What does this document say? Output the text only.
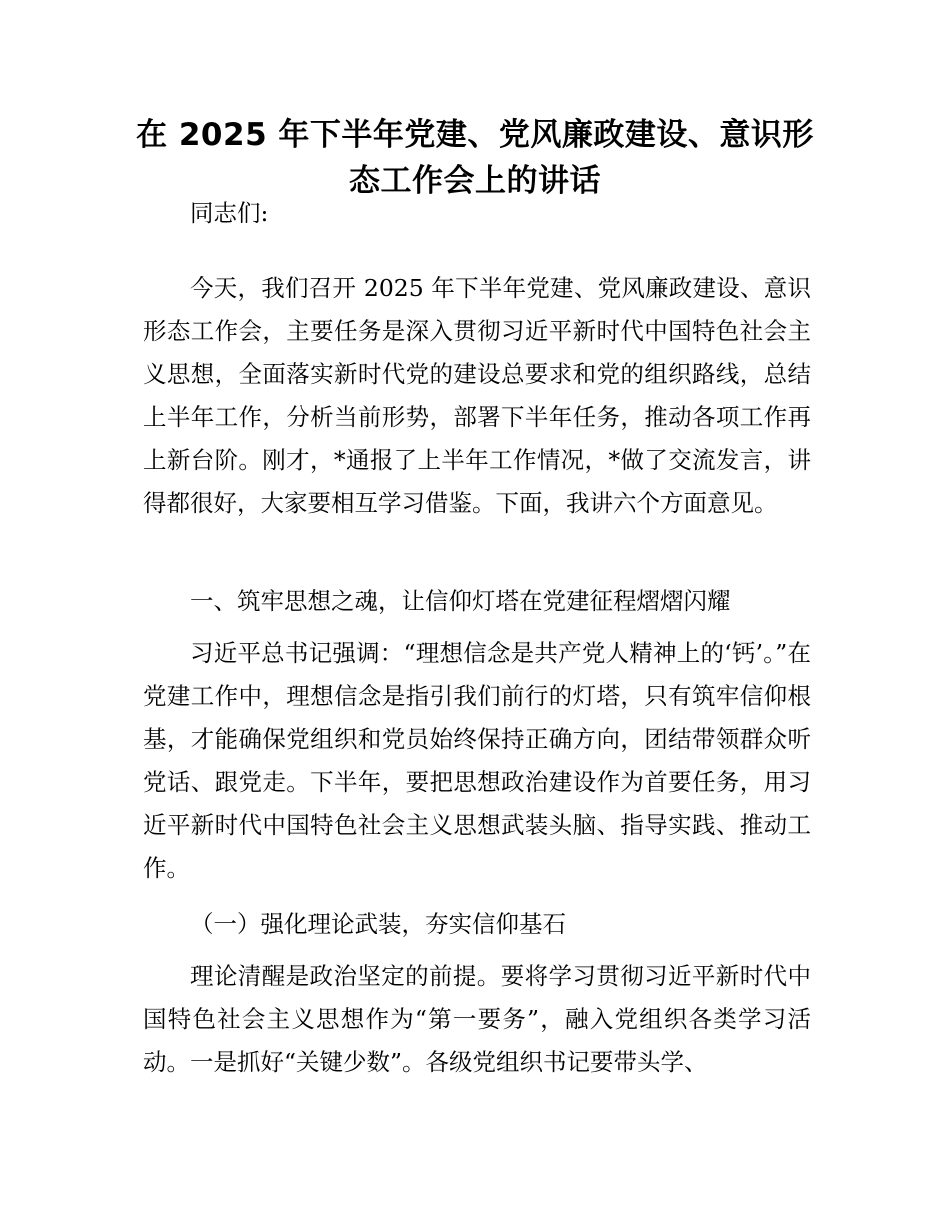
在 2025 年下半年党建、党风廉政建设、意识形
态工作会上的讲话

同志们:

今天，我们召开 2025 年下半年党建、党风廉政建设、意识形态工作会，主要任务是深入贯彻习近平新时代中国特色社会主义思想，全面落实新时代党的建设总要求和党的组织路线，总结上半年工作，分析当前形势，部署下半年任务，推动各项工作再上新台阶。刚才，*通报了上半年工作情况，*做了交流发言，讲得都很好，大家要相互学习借鉴。下面，我讲六个方面意见。

一、筑牢思想之魂，让信仰灯塔在党建征程熠熠闪耀

习近平总书记强调：“理想信念是共产党人精神上的‘钙’。”在党建工作中，理想信念是指引我们前行的灯塔，只有筑牢信仰根基，才能确保党组织和党员始终保持正确方向，团结带领群众听党话、跟党走。下半年，要把思想政治建设作为首要任务，用习近平新时代中国特色社会主义思想武装头脑、指导实践、推动工作。

（一）强化理论武装，夯实信仰基石

理论清醒是政治坚定的前提。要将学习贯彻习近平新时代中国特色社会主义思想作为“第一要务”，融入党组织各类学习活动。一是抓好“关键少数”。各级党组织书记要带头学、
